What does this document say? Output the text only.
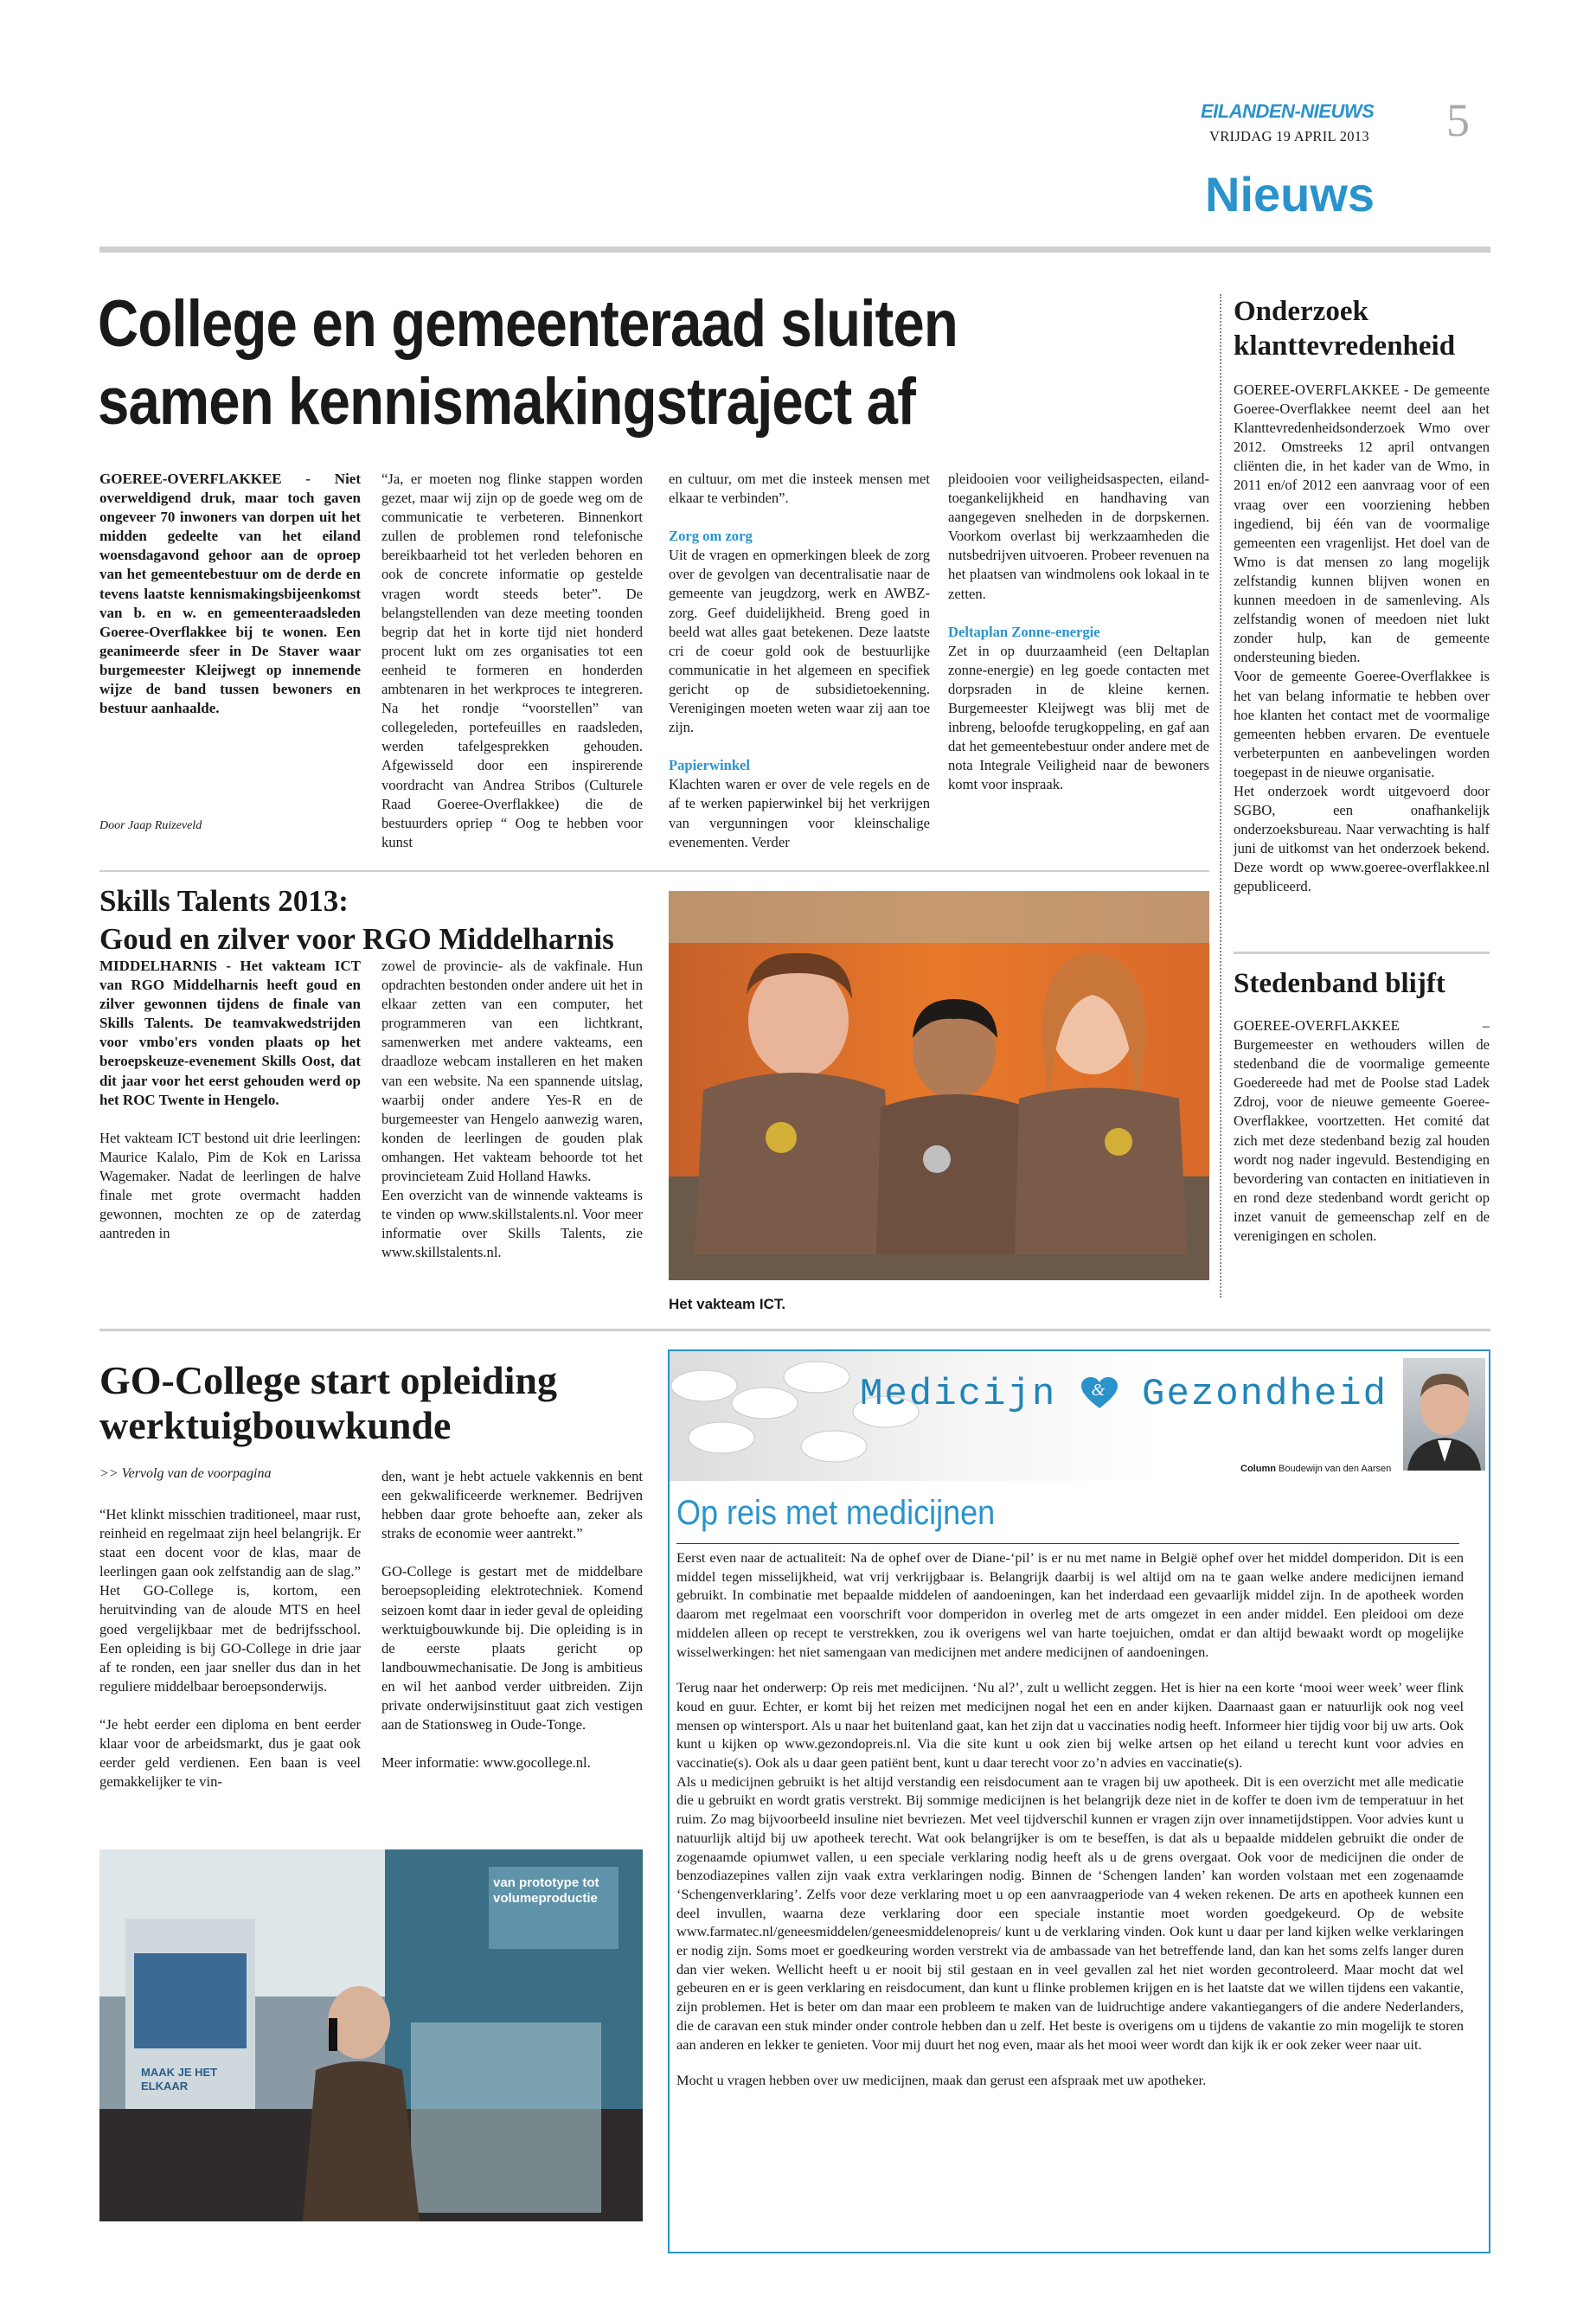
EILANDEN-NIEUWS
VRIJDAG 19 APRIL 2013 5
Nieuws
College en gemeenteraad sluiten
samen kennismakingstraject af
GOEREE-OVERFLAKKEE - Niet overweldigend druk, maar toch gaven ongeveer 70 inwoners van dorpen uit het midden gedeelte van het eiland woensdagavond gehoor aan de oproep van het gemeentebestuur om de derde en tevens laatste kennismakingsbijeenkomst van b. en w. en gemeenteraadsleden Goeree-Overflakkee bij te wonen. Een geanimeerde sfeer in De Staver waar burgemeester Kleijwegt op innemende wijze de band tussen bewoners en bestuur aanhaalde.
Door Jaap Ruizeveld
“Ja, er moeten nog flinke stappen worden gezet, maar wij zijn op de goede weg om de communicatie te verbeteren. Binnenkort zullen de problemen rond telefonische bereikbaarheid tot het verleden behoren en ook de concrete informatie op gestelde vragen wordt steeds beter”. De belangstellenden van deze meeting toonden begrip dat het in korte tijd niet honderd procent lukt om zes organisaties tot een eenheid te formeren en honderden ambtenaren in het werkproces te integreren. Na het rondje “voorstellen” van collegeleden, portefeuilles en raadsleden, werden tafelgesprekken gehouden. Afgewisseld door een inspirerende voordracht van Andrea Stribos (Culturele Raad Goeree-Overflakkee) die de bestuurders opriep “ Oog te hebben voor kunst

en cultuur, om met die insteek mensen met elkaar te verbinden”.

Zorg om zorg

Uit de vragen en opmerkingen bleek de zorg over de gevolgen van decentralisatie naar de gemeente van jeugdzorg, werk en AWBZ-zorg. Geef duidelijkheid. Breng goed in beeld wat alles gaat betekenen. Deze laatste cri de coeur gold ook de bestuurlijke communicatie in het algemeen en specifiek gericht op de subsidietoekenning. Verenigingen moeten weten waar zij aan toe zijn.

Papierwinkel

Klachten waren er over de vele regels en de af te werken papierwinkel bij het verkrijgen van vergunningen voor kleinschalige evenementen. Verder

pleidooien voor veiligheidsaspecten, eiland-toegankelijkheid en handhaving van aangegeven snelheden in de dorpskernen. Voorkom overlast bij werkzaamheden die nutsbedrijven uitvoeren. Probeer revenuen na het plaatsen van windmolens ook lokaal in te zetten.

Deltaplan Zonne-energie

Zet in op duurzaamheid (een Deltaplan zonne-energie) en leg goede contacten met dorpsraden in de kleine kernen. Burgemeester Kleijwegt was blij met de inbreng, beloofde terugkoppeling, en gaf aan dat het gemeentebestuur onder andere met de nota Integrale Veiligheid naar de bewoners komt voor inspraak.

Onderzoek klanttevredenheid

GOEREE-OVERFLAKKEE - De gemeente Goeree-Overflakkee neemt deel aan het Klanttevredenheidsonderzoek Wmo over 2012. Omstreeks 12 april ontvangen cliënten die, in het kader van de Wmo, in 2011 en/of 2012 een aanvraag voor of een vraag over een voorziening hebben ingediend, bij één van de voormalige gemeenten een vragenlijst. Het doel van de Wmo is dat mensen zo lang mogelijk zelfstandig kunnen blijven wonen en kunnen meedoen in de samenleving. Als zelfstandig wonen of meedoen niet lukt zonder hulp, kan de gemeente ondersteuning bieden.

Voor de gemeente Goeree-Overflakkee is het van belang informatie te hebben over hoe klanten het contact met de voormalige gemeenten hebben ervaren. De eventuele verbeterpunten en aanbevelingen worden toegepast in de nieuwe organisatie.

Het onderzoek wordt uitgevoerd door SGBO, een onafhankelijk onderzoeksbureau. Naar verwachting is half juni de uitkomst van het onderzoek bekend. Deze wordt op www.goeree-overflakkee.nl gepubliceerd.

Stedenband blijft
GOEREE-OVERFLAKKEE – Burgemeester en wethouders willen de stedenband die de voormalige gemeente Goedereede had met de Poolse stad Ladek Zdroj, voor de nieuwe gemeente Goeree-Overflakkee, voortzetten. Het comité dat zich met deze stedenband bezig zal houden wordt nog nader ingevuld. Bestendiging en bevordering van contacten en initiatieven in en rond deze stedenband wordt gericht op inzet vanuit de gemeenschap zelf en de verenigingen en scholen.
Skills Talents 2013:
Goud en zilver voor RGO Middelharnis

MIDDELHARNIS - Het vakteam ICT van RGO Middelharnis heeft goud en zilver gewonnen tijdens de finale van Skills Talents. De teamvakwedstrijden voor vmbo'ers vonden plaats op het beroepskeuze-evenement Skills Oost, dat dit jaar voor het eerst gehouden werd op het ROC Twente in Hengelo.

Het vakteam ICT bestond uit drie leerlingen: Maurice Kalalo, Pim de Kok en Larissa Wagemaker. Nadat de leerlingen de halve finale met grote overmacht hadden gewonnen, mochten ze op de zaterdag aantreden in

zowel de provincie- als de vakfinale. Hun opdrachten bestonden onder andere uit het in elkaar zetten van een computer, het programmeren van een lichtkrant, samenwerken met andere vakteams, een draadloze webcam installeren en het maken van een website. Na een spannende uitslag, waarbij onder andere Yes-R en de burgemeester van Hengelo aanwezig waren, konden de leerlingen de gouden plak omhangen. Het vakteam behoorde tot het provincieteam Zuid Holland Hawks.

Een overzicht van de winnende vakteams is te vinden op www.skillstalents.nl. Voor meer informatie over Skills Talents, zie www.skillstalents.nl.

Het vakteam ICT.
GO-College start opleiding
werktuigbouwkunde
>> Vervolg van de voorpagina

“Het klinkt misschien traditioneel, maar rust, reinheid en regelmaat zijn heel belangrijk. Er staat een docent voor de klas, maar de leerlingen gaan ook zelfstandig aan de slag.” Het GO-College is, kortom, een heruitvinding van de aloude MTS en heel goed vergelijkbaar met de bedrijfsschool. Een opleiding is bij GO-College in drie jaar af te ronden, een jaar sneller dus dan in het reguliere middelbaar beroepsonderwijs.

“Je hebt eerder een diploma en bent eerder klaar voor de arbeidsmarkt, dus je gaat ook eerder geld verdienen. Een baan is veel gemakkelijker te vin-

den, want je hebt actuele vakkennis en bent een gekwalificeerde werknemer. Bedrijven hebben daar grote behoefte aan, zeker als straks de economie weer aantrekt.”

GO-College is gestart met de middelbare beroepsopleiding elektrotechniek. Komend seizoen komt daar in ieder geval de opleiding werktuigbouwkunde bij. Die opleiding is in de eerste plaats gericht op landbouwmechanisatie. De Jong is ambitieus en wil het aanbod verder uitbreiden. Zijn private onderwijsinstituut gaat zich vestigen aan de Stationsweg in Oude-Tonge.

Meer informatie: www.gocollege.nl.

van prototype tot volumeproductie
MAAK JE HET ELKAAR
Medicijn & Gezondheid
Column Boudewijn van den Aarsen
Op reis met medicijnen

Eerst even naar de actualiteit: Na de ophef over de Diane-‘pil’ is er nu met name in België ophef over het middel domperidon. Dit is een middel tegen misselijkheid, wat vrij verkrijgbaar is. Belangrijk daarbij is wel altijd om na te gaan welke andere medicijnen iemand gebruikt. In combinatie met bepaalde middelen of aandoeningen, kan het inderdaad een gevaarlijk middel zijn. In de apotheek worden daarom met regelmaat een voorschrift voor domperidon in overleg met de arts omgezet in een ander middel. Een pleidooi om deze middelen alleen op recept te verstrekken, zou ik overigens wel van harte toejuichen, omdat er dan altijd bewaakt wordt op mogelijke wisselwerkingen: het niet samengaan van medicijnen met andere medicijnen of aandoeningen.

Terug naar het onderwerp: Op reis met medicijnen. ‘Nu al?’, zult u wellicht zeggen. Het is hier na een korte ‘mooi weer week’ weer flink koud en guur. Echter, er komt bij het reizen met medicijnen nogal het een en ander kijken. Daarnaast gaan er natuurlijk ook nog veel mensen op wintersport. Als u naar het buitenland gaat, kan het zijn dat u vaccinaties nodig heeft. Informeer hier tijdig voor bij uw arts. Ook kunt u kijken op www.gezondopreis.nl. Via die site kunt u ook zien bij welke artsen op het eiland u terecht kunt voor advies en vaccinatie(s). Ook als u daar geen patiënt bent, kunt u daar terecht voor zo’n advies en vaccinatie(s).

Als u medicijnen gebruikt is het altijd verstandig een reisdocument aan te vragen bij uw apotheek. Dit is een overzicht met alle medicatie die u gebruikt en wordt gratis verstrekt. Bij sommige medicijnen is het belangrijk deze niet in de koffer te doen ivm de temperatuur in het ruim. Zo mag bijvoorbeeld insuline niet bevriezen. Met veel tijdverschil kunnen er vragen zijn over innametijdstippen. Voor advies kunt u natuurlijk altijd bij uw apotheek terecht. Wat ook belangrijker is om te beseffen, is dat als u bepaalde middelen gebruikt die onder de zogenaamde opiumwet vallen, u een speciale verklaring nodig heeft als u de grens overgaat. Ook voor de medicijnen die onder de benzodiazepines vallen zijn vaak extra verklaringen nodig. Binnen de ‘Schengen landen’ kan worden volstaan met een zogenaamde ‘Schengenverklaring’. Zelfs voor deze verklaring moet u op een aanvraagperiode van 4 weken rekenen. De arts en apotheek kunnen een deel invullen, waarna deze verklaring door een speciale instantie moet worden goedgekeurd. Op de website www.farmatec.nl/geneesmiddelen/geneesmiddelenopreis/ kunt u de verklaring vinden. Ook kunt u daar per land kijken welke verklaringen er nodig zijn. Soms moet er goedkeuring worden verstrekt via de ambassade van het betreffende land, dan kan het soms zelfs langer duren dan vier weken. Wellicht heeft u er nooit bij stil gestaan en in veel gevallen zal het niet worden gecontroleerd. Maar mocht dat wel gebeuren en er is geen verklaring en reisdocument, dan kunt u flinke problemen krijgen en is het laatste dat we willen tijdens een vakantie, zijn problemen. Het is beter om dan maar een probleem te maken van de luidruchtige andere vakantiegangers of die andere Nederlanders, die de caravan een stuk minder onder controle hebben dan u zelf. Het beste is overigens om u tijdens de vakantie zo min mogelijk te storen aan anderen en lekker te genieten. Voor mij duurt het nog even, maar als het mooi weer wordt dan kijk ik er ook zeker weer naar uit.

Mocht u vragen hebben over uw medicijnen, maak dan gerust een afspraak met uw apotheker.
